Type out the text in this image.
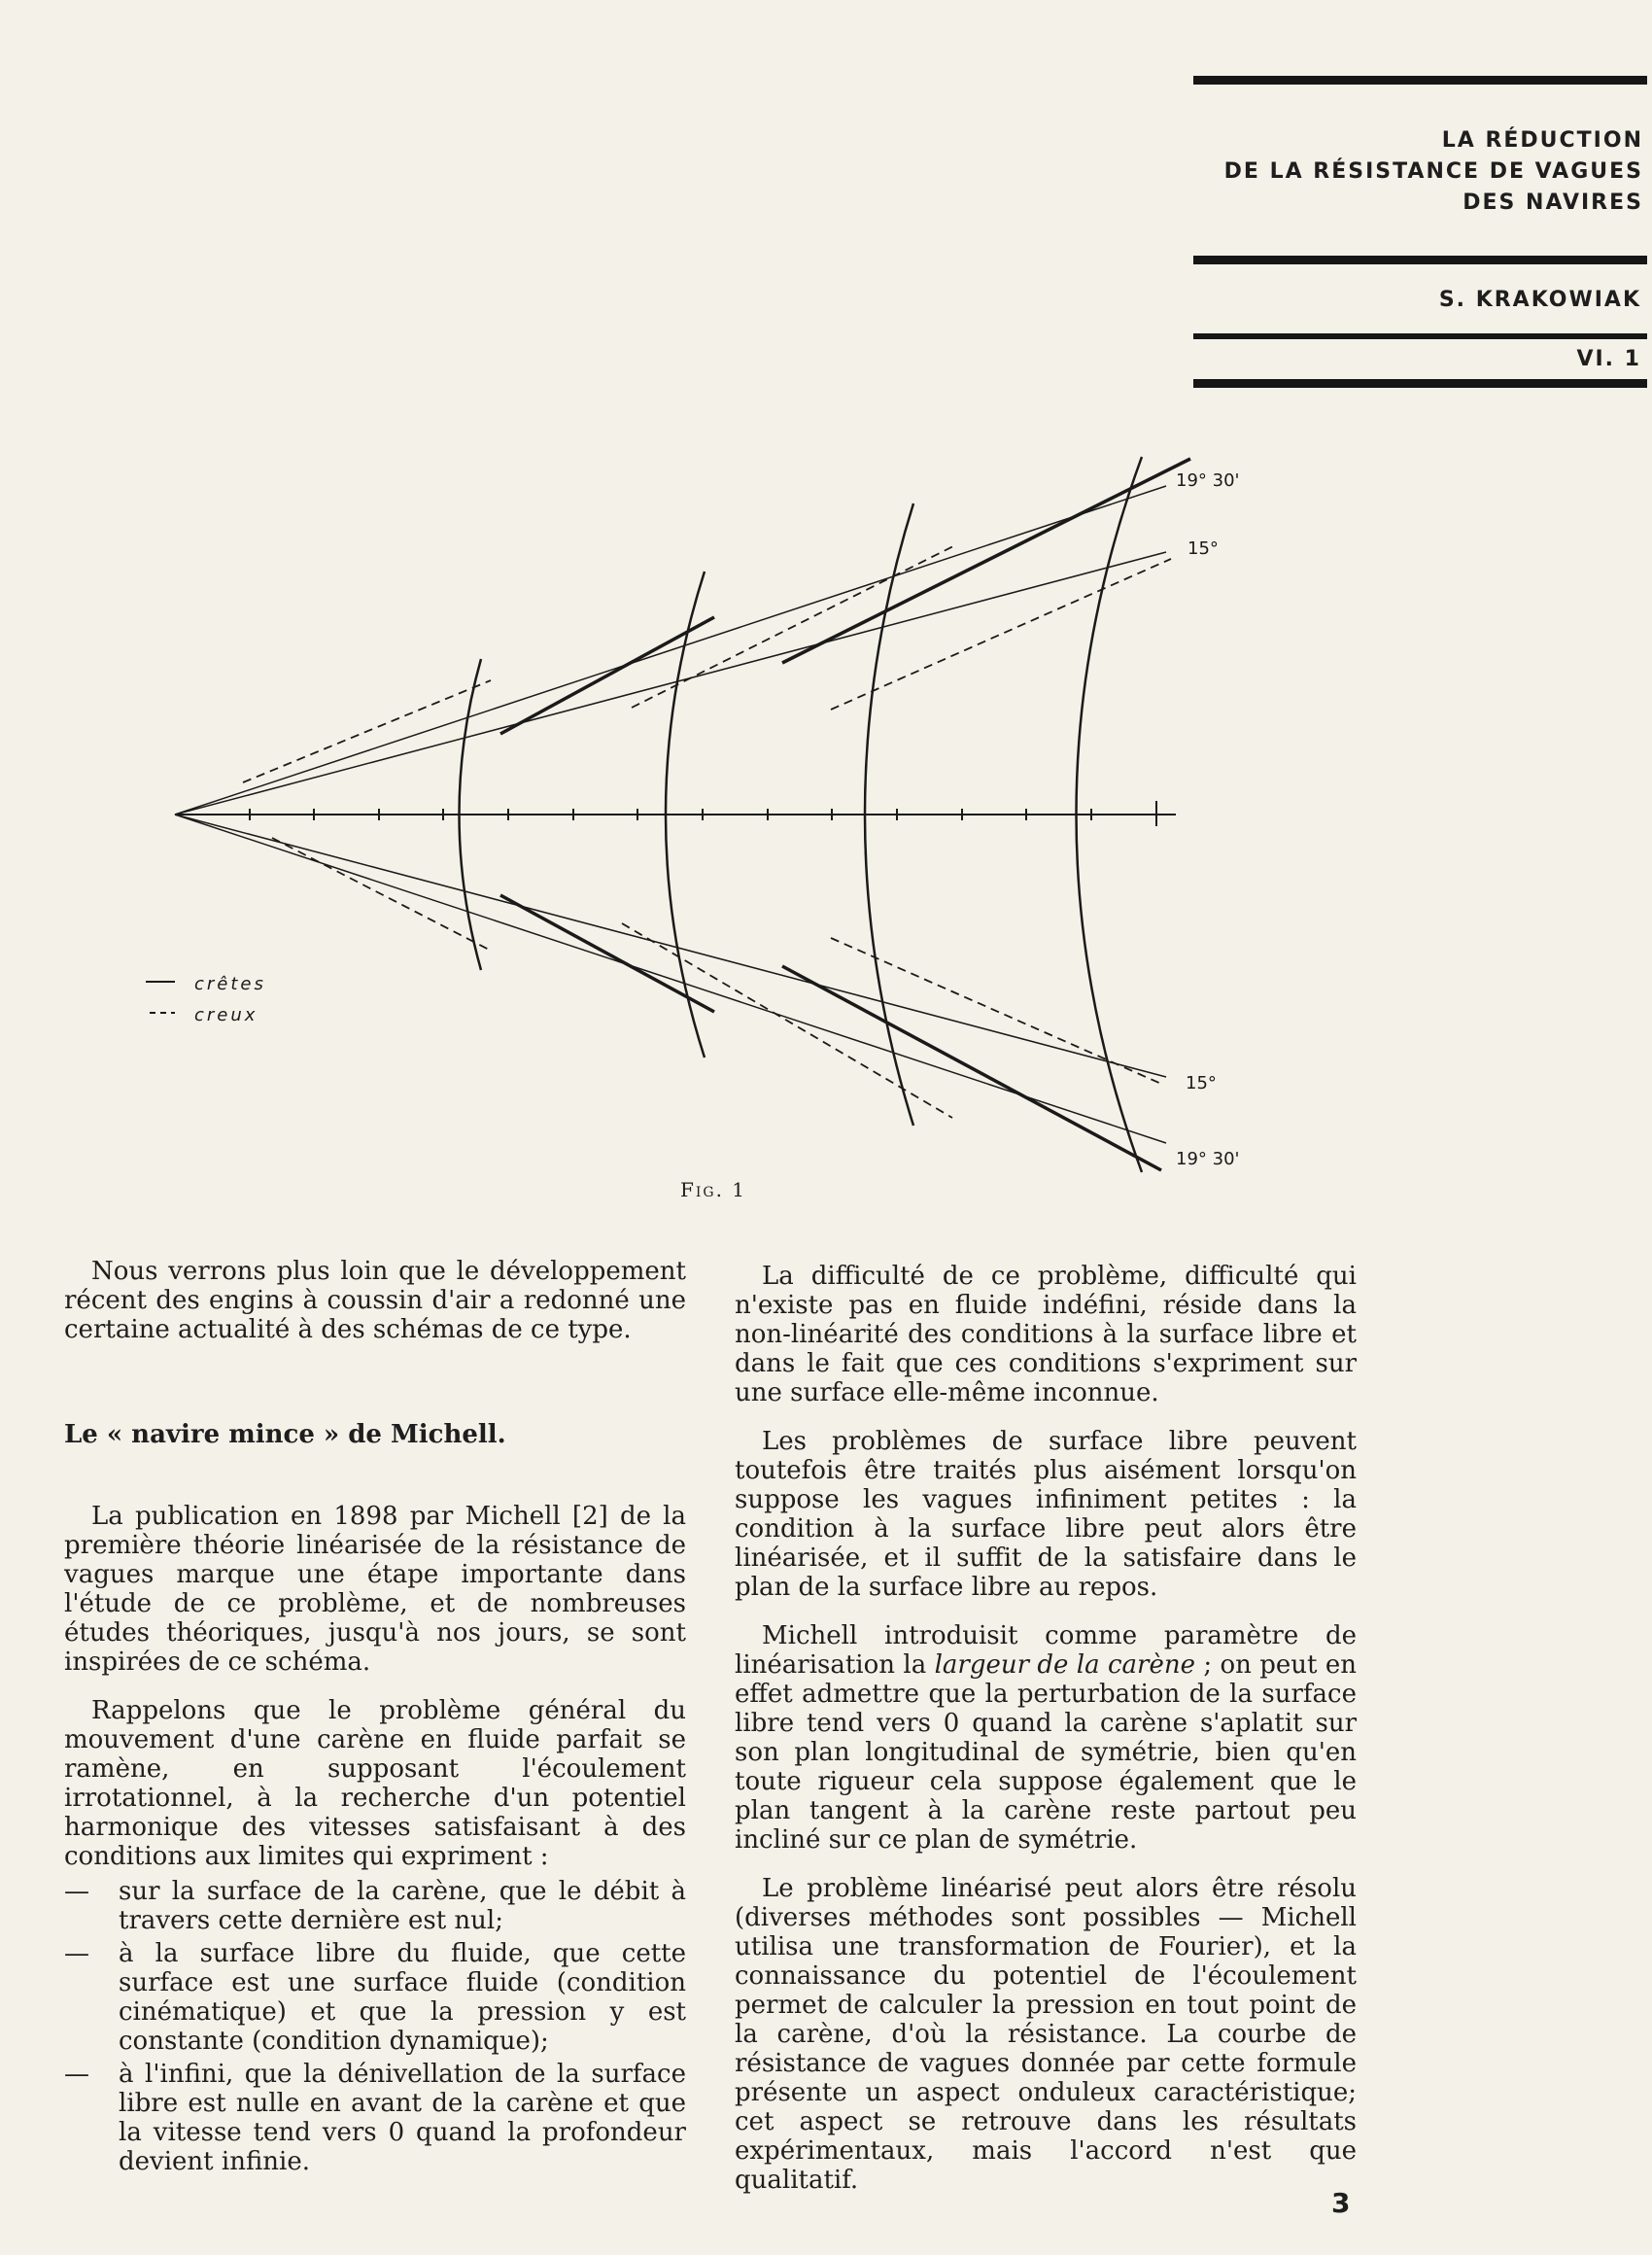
LA RÉDUCTION
DE LA RÉSISTANCE DE VAGUES
DES NAVIRES
S. KRAKOWIAK
VI. 1
crêtes
creux
19° 30'
15°
15°
19° 30'
Fig. 1

Nous verrons plus loin que le développement récent des engins à coussin d'air a redonné une certaine actualité à des schémas de ce type.

Le « navire mince » de Michell.

La publication en 1898 par Michell [2] de la première théorie linéarisée de la résistance de vagues marque une étape importante dans l'étude de ce problème, et de nombreuses études théoriques, jusqu'à nos jours, se sont inspirées de ce schéma.

Rappelons que le problème général du mouvement d'une carène en fluide parfait se ramène, en supposant l'écoulement irrotationnel, à la recherche d'un potentiel harmonique des vitesses satisfaisant à des conditions aux limites qui expriment :

— sur la surface de la carène, que le débit à travers cette dernière est nul;
— à la surface libre du fluide, que cette surface est une surface fluide (condition cinématique) et que la pression y est constante (condition dynamique);
— à l'infini, que la dénivellation de la surface libre est nulle en avant de la carène et que la vitesse tend vers 0 quand la profondeur devient infinie.

La difficulté de ce problème, difficulté qui n'existe pas en fluide indéfini, réside dans la non-linéarité des conditions à la surface libre et dans le fait que ces conditions s'expriment sur une surface elle-même inconnue.

Les problèmes de surface libre peuvent toutefois être traités plus aisément lorsqu'on suppose les vagues infiniment petites : la condition à la surface libre peut alors être linéarisée, et il suffit de la satisfaire dans le plan de la surface libre au repos.

Michell introduisit comme paramètre de linéarisation la largeur de la carène ; on peut en effet admettre que la perturbation de la surface libre tend vers 0 quand la carène s'aplatit sur son plan longitudinal de symétrie, bien qu'en toute rigueur cela suppose également que le plan tangent à la carène reste partout peu incliné sur ce plan de symétrie.

Le problème linéarisé peut alors être résolu (diverses méthodes sont possibles — Michell utilisa une transformation de Fourier), et la connaissance du potentiel de l'écoulement permet de calculer la pression en tout point de la carène, d'où la résistance. La courbe de résistance de vagues donnée par cette formule présente un aspect onduleux caractéristique; cet aspect se retrouve dans les résultats expérimentaux, mais l'accord n'est que qualitatif.

3
